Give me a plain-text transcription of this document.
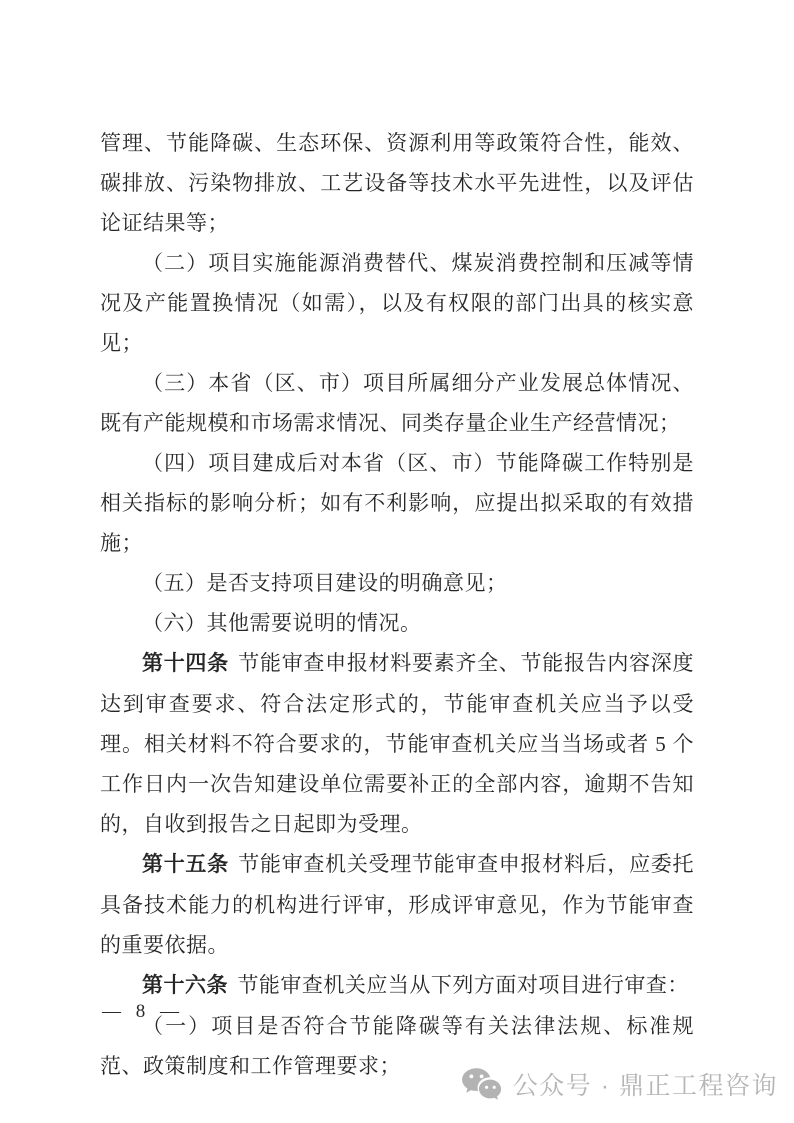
管理、节能降碳、生态环保、资源利用等政策符合性，能效、碳排放、污染物排放、工艺设备等技术水平先进性，以及评估论证结果等；

（二）项目实施能源消费替代、煤炭消费控制和压减等情况及产能置换情况（如需），以及有权限的部门出具的核实意见；

（三）本省（区、市）项目所属细分产业发展总体情况、既有产能规模和市场需求情况、同类存量企业生产经营情况；

（四）项目建成后对本省（区、市）节能降碳工作特别是相关指标的影响分析；如有不利影响，应提出拟采取的有效措施；

（五）是否支持项目建设的明确意见；

（六）其他需要说明的情况。

第十四条 节能审查申报材料要素齐全、节能报告内容深度达到审查要求、符合法定形式的，节能审查机关应当予以受理。相关材料不符合要求的，节能审查机关应当当场或者 5 个工作日内一次告知建设单位需要补正的全部内容，逾期不告知的，自收到报告之日起即为受理。

第十五条 节能审查机关受理节能审查申报材料后，应委托具备技术能力的机构进行评审，形成评审意见，作为节能审查的重要依据。

第十六条 节能审查机关应当从下列方面对项目进行审查：

（一）项目是否符合节能降碳等有关法律法规、标准规范、政策制度和工作管理要求；

— 8 —
公众号 · 鼎正工程咨询
